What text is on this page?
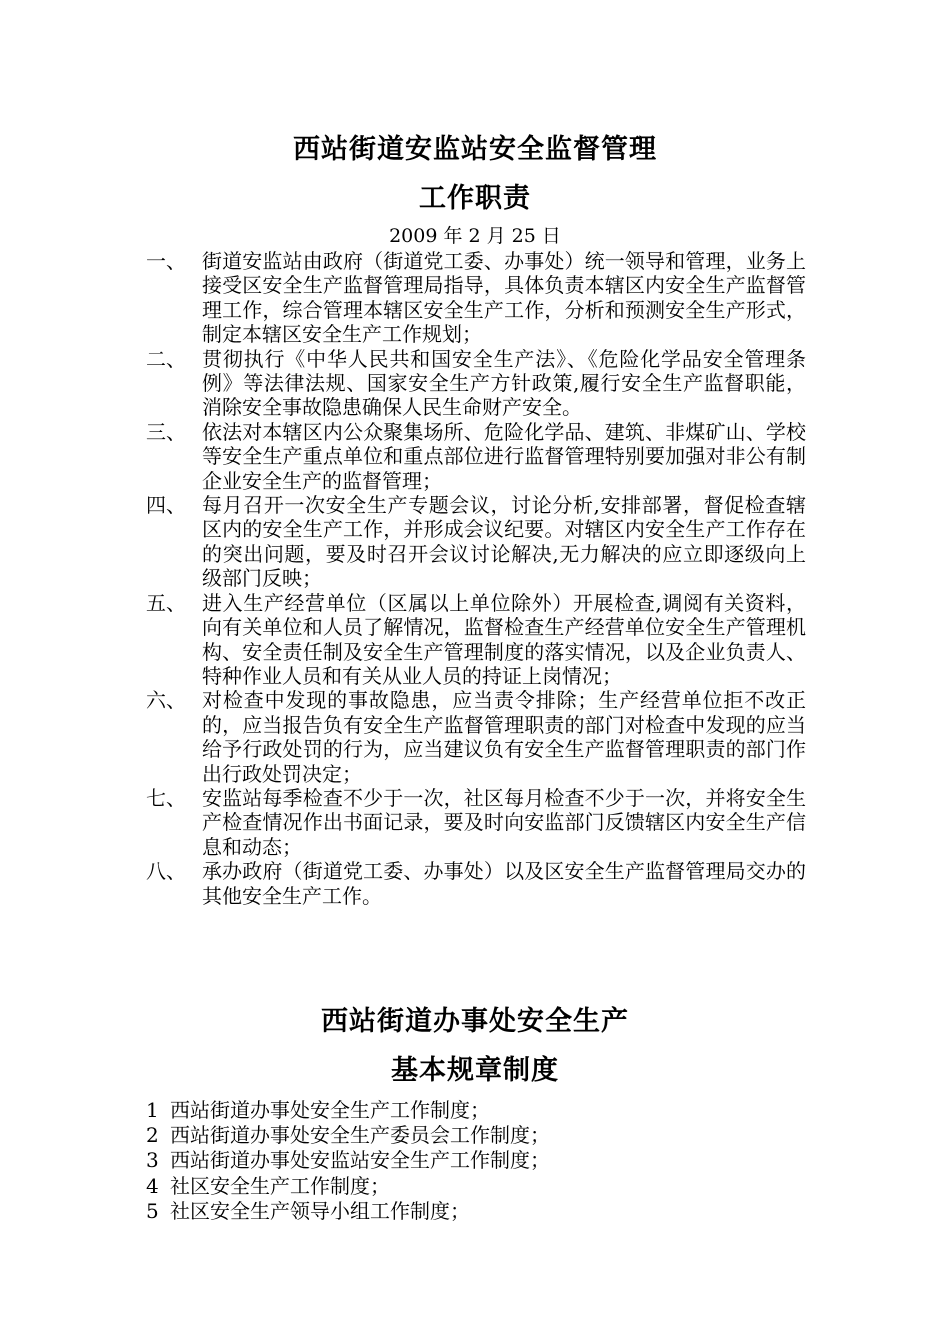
西站街道安监站安全监督管理
工作职责
2009 年 2 月 25 日
一、 街道安监站由政府（街道党工委、办事处）统一领导和管理，业务上接受区安全生产监督管理局指导，具体负责本辖区内安全生产监督管理工作，综合管理本辖区安全生产工作，分析和预测安全生产形式，制定本辖区安全生产工作规划；
二、 贯彻执行《中华人民共和国安全生产法》、《危险化学品安全管理条例》等法律法规、国家安全生产方针政策,履行安全生产监督职能，消除安全事故隐患确保人民生命财产安全。
三、 依法对本辖区内公众聚集场所、危险化学品、建筑、非煤矿山、学校等安全生产重点单位和重点部位进行监督管理特别要加强对非公有制企业安全生产的监督管理；
四、 每月召开一次安全生产专题会议，讨论分析,安排部署，督促检查辖区内的安全生产工作，并形成会议纪要。对辖区内安全生产工作存在的突出问题，要及时召开会议讨论解决,无力解决的应立即逐级向上级部门反映；
五、 进入生产经营单位（区属以上单位除外）开展检查,调阅有关资料，向有关单位和人员了解情况，监督检查生产经营单位安全生产管理机构、安全责任制及安全生产管理制度的落实情况，以及企业负责人、特种作业人员和有关从业人员的持证上岗情况；
六、 对检查中发现的事故隐患，应当责令排除；生产经营单位拒不改正的，应当报告负有安全生产监督管理职责的部门对检查中发现的应当给予行政处罚的行为，应当建议负有安全生产监督管理职责的部门作出行政处罚决定；
七、 安监站每季检查不少于一次，社区每月检查不少于一次，并将安全生产检查情况作出书面记录，要及时向安监部门反馈辖区内安全生产信息和动态；
八、 承办政府（街道党工委、办事处）以及区安全生产监督管理局交办的其他安全生产工作。
西站街道办事处安全生产
基本规章制度
1 西站街道办事处安全生产工作制度；
2 西站街道办事处安全生产委员会工作制度；
3 西站街道办事处安监站安全生产工作制度；
4 社区安全生产工作制度；
5 社区安全生产领导小组工作制度；
